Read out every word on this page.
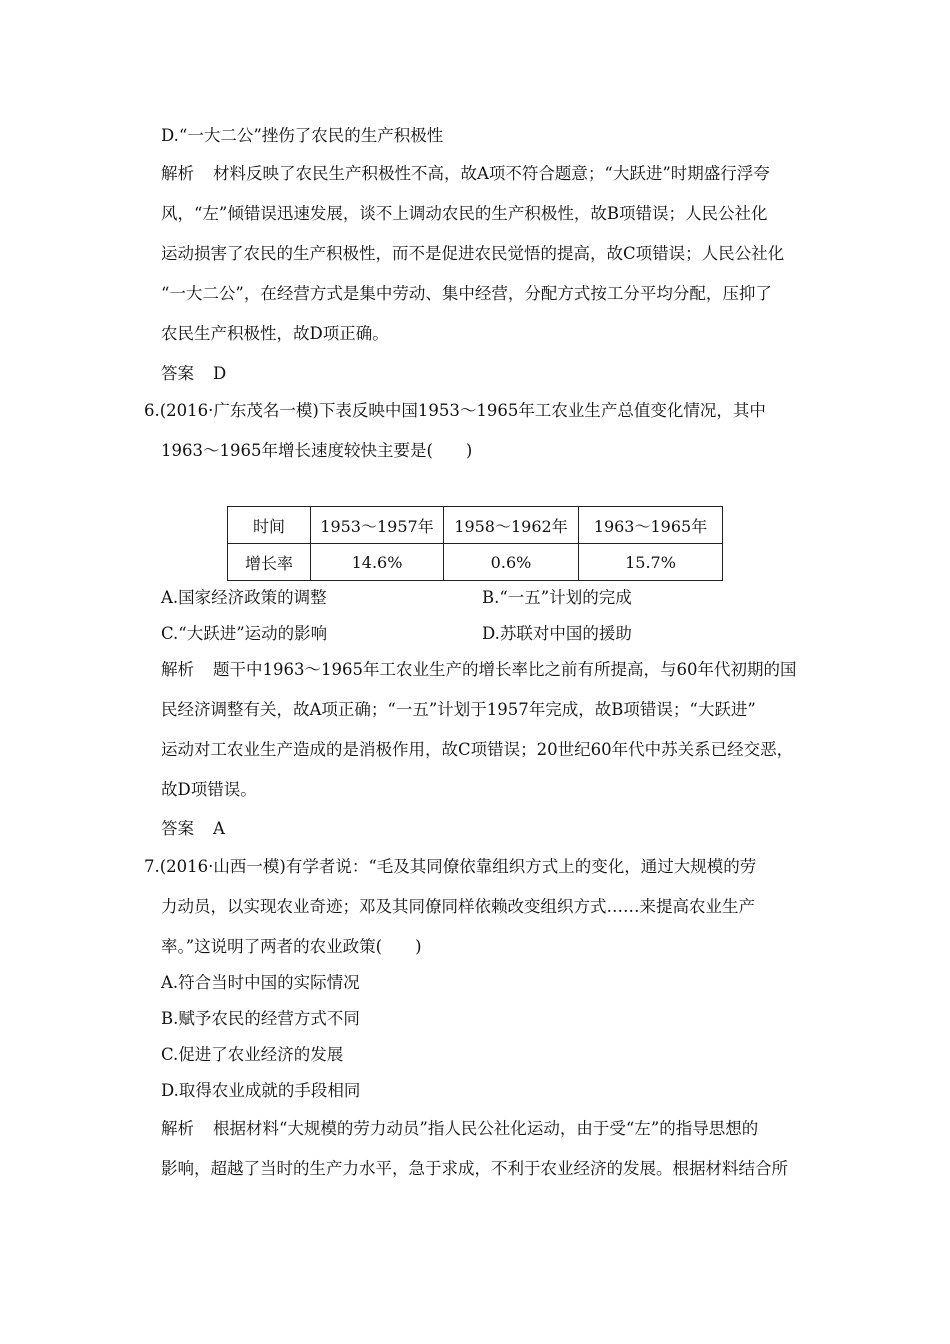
D.“一大二公”挫伤了农民的生产积极性
解析 材料反映了农民生产积极性不高，故A项不符合题意；“大跃进”时期盛行浮夸
风，“左”倾错误迅速发展，谈不上调动农民的生产积极性，故B项错误；人民公社化
运动损害了农民的生产积极性，而不是促进农民觉悟的提高，故C项错误；人民公社化
“一大二公”，在经营方式是集中劳动、集中经营，分配方式按工分平均分配，压抑了
农民生产积极性，故D项正确。
答案 D
6.(2016·广东茂名一模)下表反映中国1953～1965年工农业生产总值变化情况，其中
1963～1965年增长速度较快主要是(　　)
时间	1953～1957年	1958～1962年	1963～1965年
增长率	14.6%	0.6%	15.7%
A.国家经济政策的调整	B.“一五”计划的完成
C.“大跃进”运动的影响	D.苏联对中国的援助
解析 题干中1963～1965年工农业生产的增长率比之前有所提高，与60年代初期的国
民经济调整有关，故A项正确；“一五”计划于1957年完成，故B项错误；“大跃进”
运动对工农业生产造成的是消极作用，故C项错误；20世纪60年代中苏关系已经交恶，
故D项错误。
答案 A
7.(2016·山西一模)有学者说：“毛及其同僚依靠组织方式上的变化，通过大规模的劳
力动员，以实现农业奇迹；邓及其同僚同样依赖改变组织方式……来提高农业生产
率。”这说明了两者的农业政策(　　)
A.符合当时中国的实际情况
B.赋予农民的经营方式不同
C.促进了农业经济的发展
D.取得农业成就的手段相同
解析 根据材料“大规模的劳力动员”指人民公社化运动，由于受“左”的指导思想的
影响，超越了当时的生产力水平，急于求成，不利于农业经济的发展。根据材料结合所
